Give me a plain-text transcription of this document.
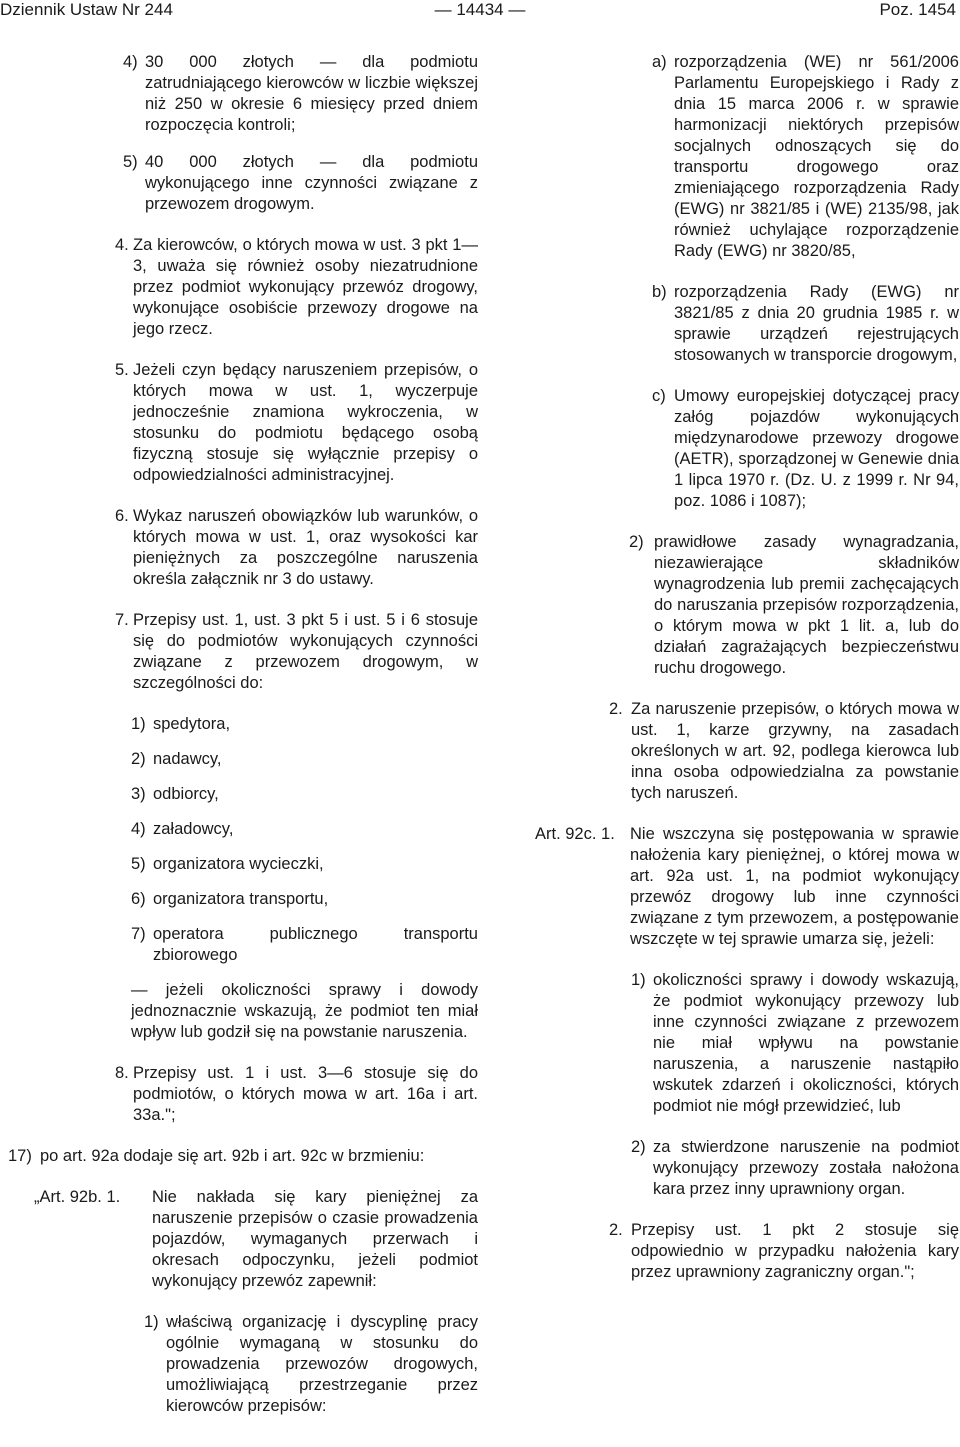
Dziennik Ustaw Nr 244	— 14434 —	Poz. 1454
4) 30 000 złotych — dla podmiotu zatrudniającego kierowców w liczbie większej niż 250 w okresie 6 miesięcy przed dniem rozpoczęcia kontroli;
5) 40 000 złotych — dla podmiotu wykonującego inne czynności związane z przewozem drogowym.
4. Za kierowców, o których mowa w ust. 3 pkt 1—3, uważa się również osoby niezatrudnione przez podmiot wykonujący przewóz drogowy, wykonujące osobiście przewozy drogowe na jego rzecz.
5. Jeżeli czyn będący naruszeniem przepisów, o których mowa w ust. 1, wyczerpuje jednocześnie znamiona wykroczenia, w stosunku do podmiotu będącego osobą fizyczną stosuje się wyłącznie przepisy o odpowiedzialności administracyjnej.
6. Wykaz naruszeń obowiązków lub warunków, o których mowa w ust. 1, oraz wysokości kar pieniężnych za poszczególne naruszenia określa załącznik nr 3 do ustawy.
7. Przepisy ust. 1, ust. 3 pkt 5 i ust. 5 i 6 stosuje się do podmiotów wykonujących czynności związane z przewozem drogowym, w szczególności do:
1) spedytora,
2) nadawcy,
3) odbiorcy,
4) załadowcy,
5) organizatora wycieczki,
6) organizatora transportu,
7) operatora publicznego transportu zbiorowego
— jeżeli okoliczności sprawy i dowody jednoznacznie wskazują, że podmiot ten miał wpływ lub godził się na powstanie naruszenia.
8. Przepisy ust. 1 i ust. 3—6 stosuje się do podmiotów, o których mowa w art. 16a i art. 33a.";
17) po art. 92a dodaje się art. 92b i art. 92c w brzmieniu:
„Art. 92b. 1.	Nie nakłada się kary pieniężnej za naruszenie przepisów o czasie prowadzenia pojazdów, wymaganych przerwach i okresach odpoczynku, jeżeli podmiot wykonujący przewóz zapewnił:
1) właściwą organizację i dyscyplinę pracy ogólnie wymaganą w stosunku do prowadzenia przewozów drogowych, umożliwiającą przestrzeganie przez kierowców przepisów:
a) rozporządzenia (WE) nr 561/2006 Parlamentu Europejskiego i Rady z dnia 15 marca 2006 r. w sprawie harmonizacji niektórych przepisów socjalnych odnoszących się do transportu drogowego oraz zmieniającego rozporządzenia Rady (EWG) nr 3821/85 i (WE) 2135/98, jak również uchylające rozporządzenie Rady (EWG) nr 3820/85,
b) rozporządzenia Rady (EWG) nr 3821/85 z dnia 20 grudnia 1985 r. w sprawie urządzeń rejestrujących stosowanych w transporcie drogowym,
c) Umowy europejskiej dotyczącej pracy załóg pojazdów wykonujących międzynarodowe przewozy drogowe (AETR), sporządzonej w Genewie dnia 1 lipca 1970 r. (Dz. U. z 1999 r. Nr 94, poz. 1086 i 1087);
2) prawidłowe zasady wynagradzania, niezawierające składników wynagrodzenia lub premii zachęcających do naruszania przepisów rozporządzenia, o którym mowa w pkt 1 lit. a, lub do działań zagrażających bezpieczeństwu ruchu drogowego.
2. Za naruszenie przepisów, o których mowa w ust. 1, karze grzywny, na zasadach określonych w art. 92, podlega kierowca lub inna osoba odpowiedzialna za powstanie tych naruszeń.
Art. 92c. 1. Nie wszczyna się postępowania w sprawie nałożenia kary pieniężnej, o której mowa w art. 92a ust. 1, na podmiot wykonujący przewóz drogowy lub inne czynności związane z tym przewozem, a postępowanie wszczęte w tej sprawie umarza się, jeżeli:
1) okoliczności sprawy i dowody wskazują, że podmiot wykonujący przewozy lub inne czynności związane z przewozem nie miał wpływu na powstanie naruszenia, a naruszenie nastąpiło wskutek zdarzeń i okoliczności, których podmiot nie mógł przewidzieć, lub
2) za stwierdzone naruszenie na podmiot wykonujący przewozy została nałożona kara przez inny uprawniony organ.
2. Przepisy ust. 1 pkt 2 stosuje się odpowiednio w przypadku nałożenia kary przez uprawniony zagraniczny organ.";
